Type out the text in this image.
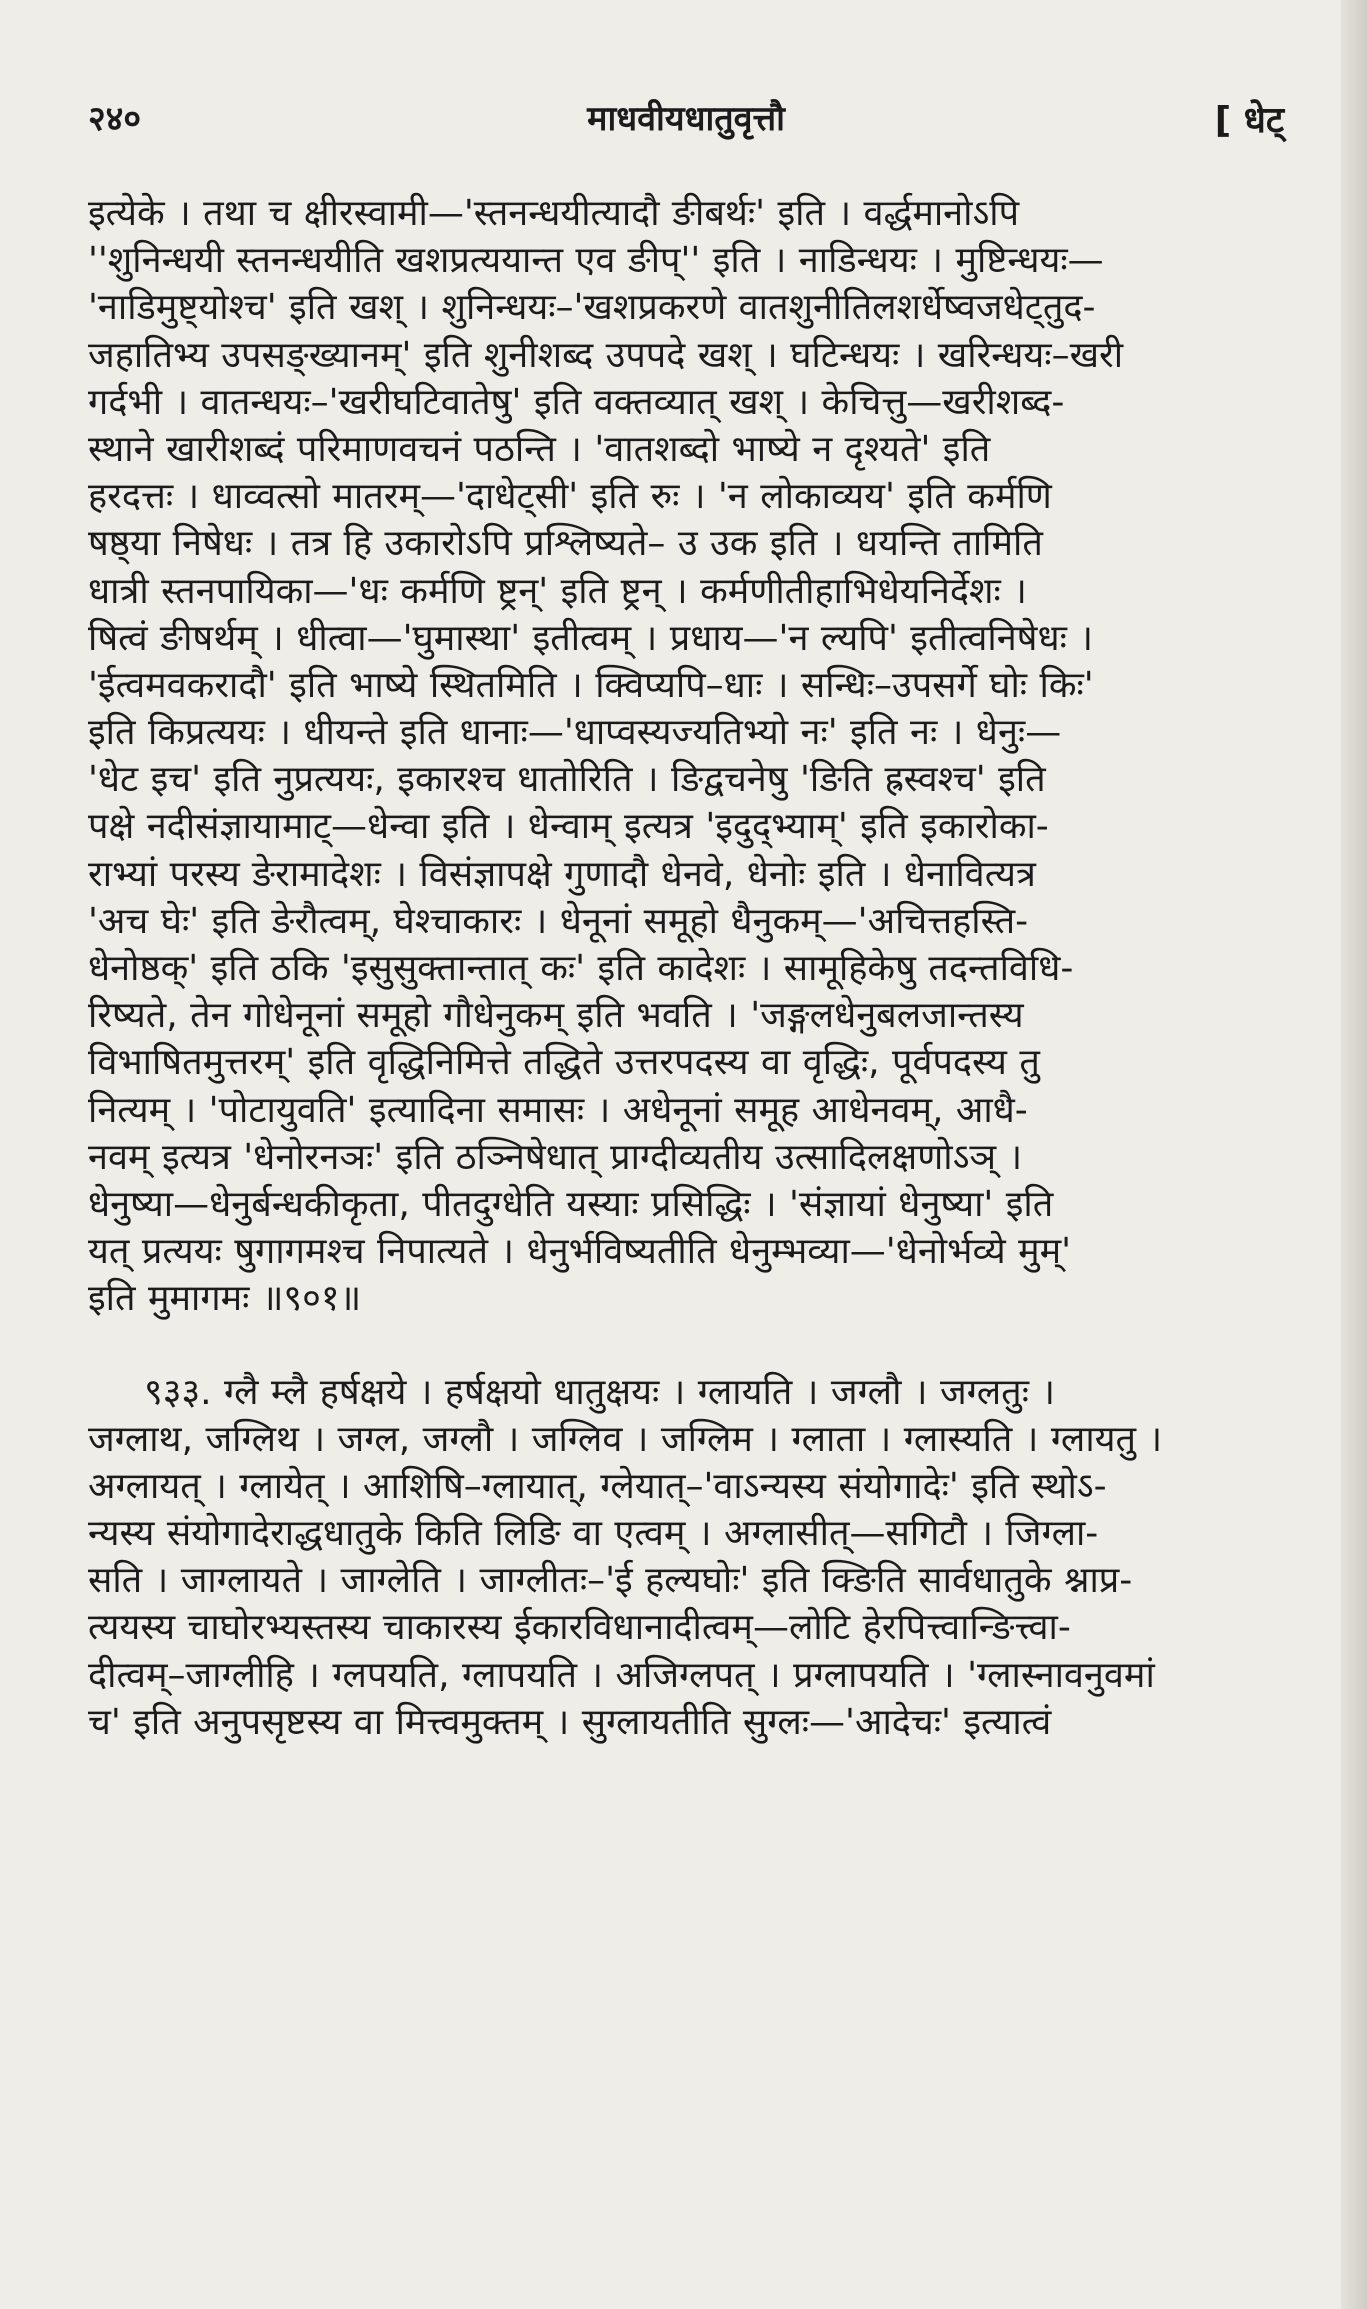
२४०	माधवीयधातुवृत्तौ	[ धेट्

इत्येके । तथा च क्षीरस्वामी—'स्तनन्धयीत्यादौ ङीबर्थः' इति । वर्द्धमानोऽपि
''शुनिन्धयी स्तनन्धयीति खशप्रत्ययान्त एव ङीप्'' इति । नाडिन्धयः । मुष्टिन्धयः—
'नाडिमुष्ट्योश्च' इति खश् । शुनिन्धयः–'खशप्रकरणे वातशुनीतिलशर्धेष्वजधेट्तुद-
जहातिभ्य उपसङ्ख्यानम्' इति शुनीशब्द उपपदे खश् । घटिन्धयः । खरिन्धयः–खरी
गर्दभी । वातन्धयः–'खरीघटिवातेषु' इति वक्तव्यात् खश् । केचित्तु—खरीशब्द-
स्थाने खारीशब्दं परिमाणवचनं पठन्ति । 'वातशब्दो भाष्ये न दृश्यते' इति
हरदत्तः । धाव्वत्सो मातरम्—'दाधेट्सी' इति रुः । 'न लोकाव्यय' इति कर्मणि
षष्ठ्या निषेधः । तत्र हि उकारोऽपि प्रश्लिष्यते– उ उक इति । धयन्ति तामिति
धात्री स्तनपायिका—'धः कर्मणि ष्ट्रन्' इति ष्ट्रन् । कर्मणीतीहाभिधेयनिर्देशः ।
षित्वं ङीषर्थम् । धीत्वा—'घुमास्था' इतीत्वम् । प्रधाय—'न ल्यपि' इतीत्वनिषेधः ।
'ईत्वमवकरादौ' इति भाष्ये स्थितमिति । क्विप्यपि–धाः । सन्धिः–उपसर्गे घोः किः'
इति किप्रत्ययः । धीयन्ते इति धानाः—'धाप्वस्यज्यतिभ्यो नः' इति नः । धेनुः—
'धेट इच' इति नुप्रत्ययः, इकारश्च धातोरिति । ङिद्वचनेषु 'ङिति ह्रस्वश्च' इति
पक्षे नदीसंज्ञायामाट्—धेन्वा इति । धेन्वाम् इत्यत्र 'इदुद्भ्याम्' इति इकारोका-
राभ्यां परस्य ङेरामादेशः । विसंज्ञापक्षे गुणादौ धेनवे, धेनोः इति । धेनावित्यत्र
'अच घेः' इति ङेरौत्वम्, घेश्चाकारः । धेनूनां समूहो धैनुकम्—'अचित्तहस्ति-
धेनोष्ठक्' इति ठकि 'इसुसुक्तान्तात् कः' इति कादेशः । सामूहिकेषु तदन्तविधि-
रिष्यते, तेन गोधेनूनां समूहो गौधेनुकम् इति भवति । 'जङ्गलधेनुबलजान्तस्य
विभाषितमुत्तरम्' इति वृद्धिनिमित्ते तद्धिते उत्तरपदस्य वा वृद्धिः, पूर्वपदस्य तु
नित्यम् । 'पोटायुवति' इत्यादिना समासः । अधेनूनां समूह आधेनवम्, आधै-
नवम् इत्यत्र 'धेनोरनञः' इति ठञ्निषेधात् प्राग्दीव्यतीय उत्सादिलक्षणोऽञ् ।
धेनुष्या—धेनुर्बन्धकीकृता, पीतदुग्धेति यस्याः प्रसिद्धिः । 'संज्ञायां धेनुष्या' इति
यत् प्रत्ययः षुगागमश्च निपात्यते । धेनुर्भविष्यतीति धेनुम्भव्या—'धेनोर्भव्ये मुम्'
इति मुमागमः ॥९०१॥

९३३. ग्लै म्लै हर्षक्षये । हर्षक्षयो धातुक्षयः । ग्लायति । जग्लौ । जग्लतुः ।
जग्लाथ, जग्लिथ । जग्ल, जग्लौ । जग्लिव । जग्लिम । ग्लाता । ग्लास्यति । ग्लायतु ।
अग्लायत् । ग्लायेत् । आशिषि–ग्लायात्, ग्लेयात्–'वाऽन्यस्य संयोगादेः' इति स्थोऽ-
न्यस्य संयोगादेराद्धधातुके किति लिङि वा एत्वम् । अग्लासीत्—सगिटौ । जिग्ला-
सति । जाग्लायते । जाग्लेति । जाग्लीतः–'ई हल्यघोः' इति क्ङिति सार्वधातुके श्नाप्र-
त्ययस्य चाघोरभ्यस्तस्य चाकारस्य ईकारविधानादीत्वम्—लोटि हेरपित्त्वान्ङित्त्वा-
दीत्वम्–जाग्लीहि । ग्लपयति, ग्लापयति । अजिग्लपत् । प्रग्लापयति । 'ग्लास्नावनुवमां
च' इति अनुपसृष्टस्य वा मित्त्वमुक्तम् । सुग्लायतीति सुग्लः—'आदेचः' इत्यात्वं
